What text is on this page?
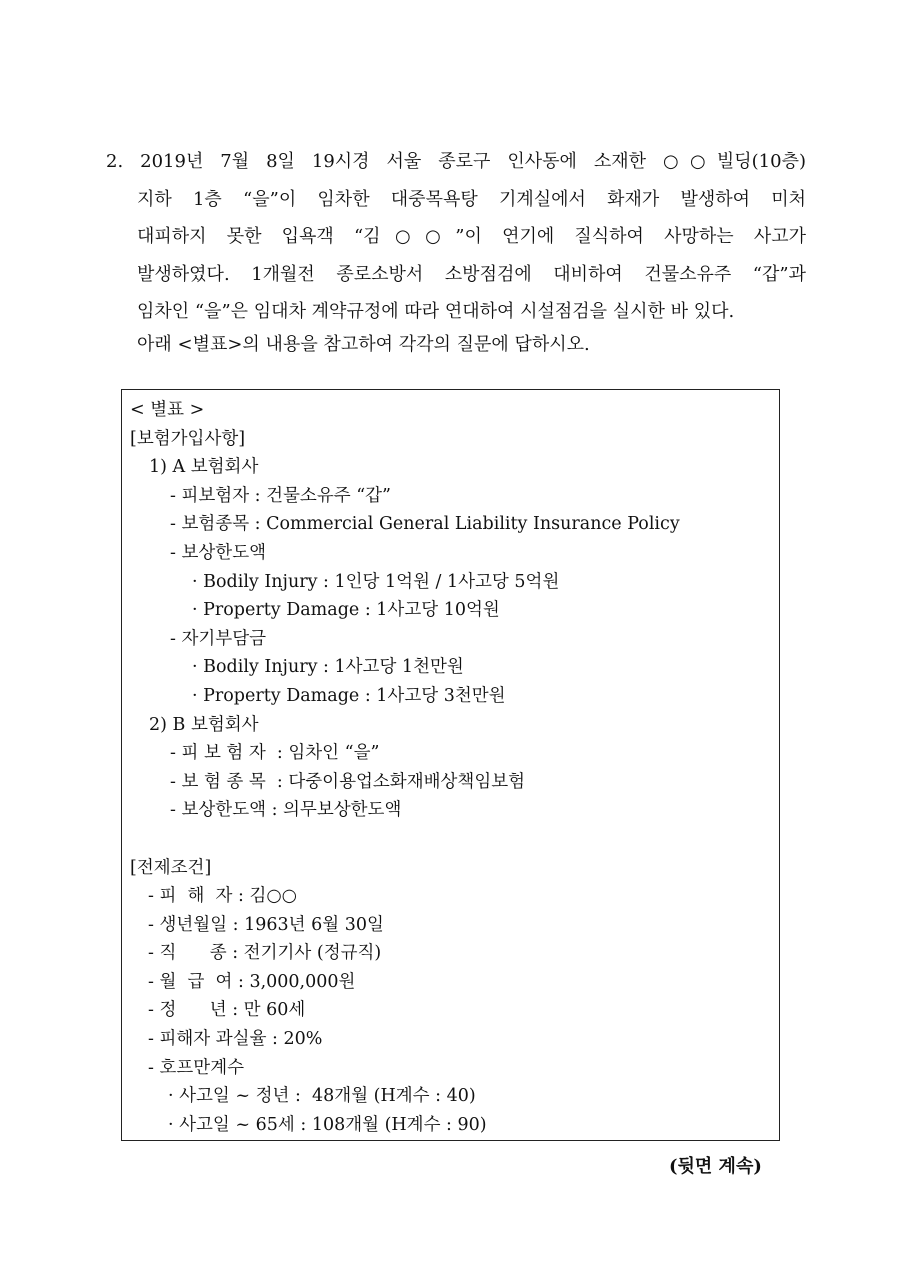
2. 2019년 7월 8일 19시경 서울 종로구 인사동에 소재한 ○○빌딩(10층)
지하 1층 “을”이 임차한 대중목욕탕 기계실에서 화재가 발생하여 미처
대피하지 못한 입욕객 “김○○”이 연기에 질식하여 사망하는 사고가
발생하였다. 1개월전 종로소방서 소방점검에 대비하여 건물소유주 “갑”과
임차인 “을”은 임대차 계약규정에 따라 연대하여 시설점검을 실시한 바 있다.
아래 <별표>의 내용을 참고하여 각각의 질문에 답하시오.
< 별표 >
[보험가입사항]
1) A 보험회사
- 피보험자 : 건물소유주 “갑”
- 보험종목 : Commercial General Liability Insurance Policy
- 보상한도액
· Bodily Injury : 1인당 1억원 / 1사고당 5억원
· Property Damage : 1사고당 10억원
- 자기부담금
· Bodily Injury : 1사고당 1천만원
· Property Damage : 1사고당 3천만원
2) B 보험회사
- 피 보 험 자  : 임차인 “을”
- 보 험 종 목  : 다중이용업소화재배상책임보험
- 보상한도액 : 의무보상한도액
[전제조건]
- 피  해  자 : 김○○
- 생년월일 : 1963년 6월 30일
- 직      종 : 전기기사 (정규직)
- 월  급  여 : 3,000,000원
- 정      년 : 만 60세
- 피해자 과실율 : 20%
- 호프만계수
· 사고일 ~ 정년 :  48개월 (H계수 : 40)
· 사고일 ~ 65세 : 108개월 (H계수 : 90)
(뒷면 계속)
